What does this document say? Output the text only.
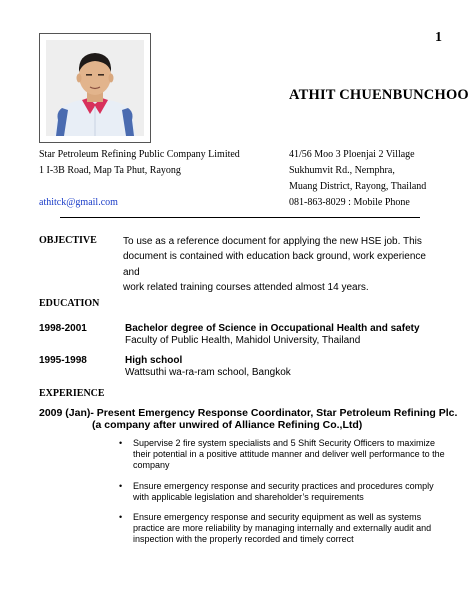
1
ATHIT CHUENBUNCHOO
Star Petroleum Refining Public Company Limited
1 I-3B Road, Map Ta Phut, Rayong
athitck@gmail.com
41/56 Moo 3 Ploenjai 2 Village
Sukhumvit Rd., Nernphra,
Muang District, Rayong, Thailand
081-863-8029 : Mobile Phone
OBJECTIVE	To use as a reference document for applying the new HSE job. This
document is contained with education back ground, work experience and
work related training courses attended almost 14 years.
EDUCATION
1998-2001	Bachelor degree of Science in Occupational Health and safety
Faculty of Public Health, Mahidol University, Thailand
1995-1998	High school
Wattsuthi wa-ra-ram school, Bangkok
EXPERIENCE
2009 (Jan)- Present Emergency Response Coordinator, Star Petroleum Refining Plc.
(a company after unwired of Alliance Refining Co.,Ltd)
• Supervise 2 fire system specialists and 5 Shift Security Officers to maximize their potential in a positive attitude manner and deliver well performance to the company
• Ensure emergency response and security practices and procedures comply with applicable legislation and shareholder’s requirements
• Ensure emergency response and security equipment as well as systems practice are more reliability by managing internally and externally audit and inspection with the properly recorded and timely correct
